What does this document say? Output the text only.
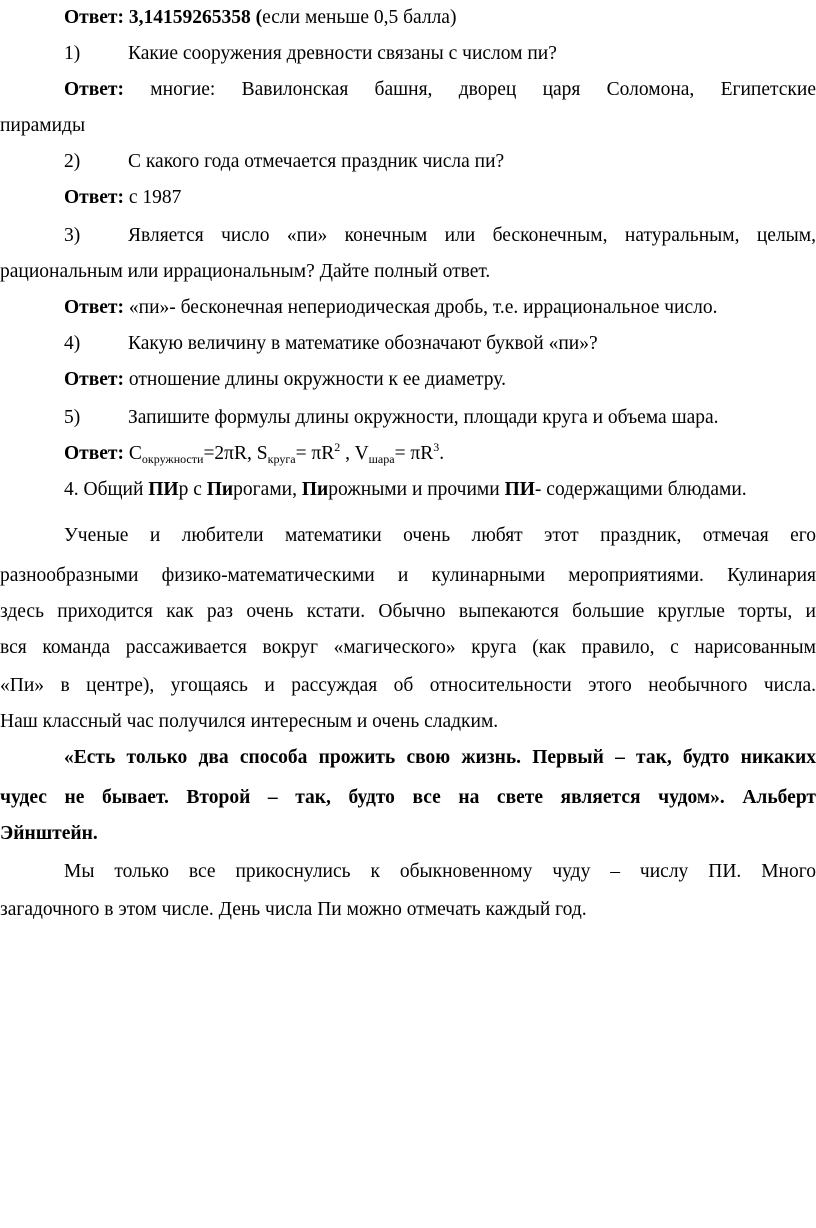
Ответ: 3,14159265358 (если меньше 0,5 балла)
1) Какие сооружения древности связаны с числом пи?
Ответ: многие: Вавилонская башня, дворец царя Соломона, Египетские
пирамиды
2) С какого года отмечается праздник числа пи?
Ответ: с 1987
3) Является число «пи» конечным или бесконечным, натуральным, целым,
рациональным или иррациональным? Дайте полный ответ.
Ответ: «пи»- бесконечная непериодическая дробь, т.е. иррациональное число.
4) Какую величину в математике обозначают буквой «пи»?
Ответ: отношение длины окружности к ее диаметру.
5) Запишите формулы длины окружности, площади круга и объема шара.
Ответ: $C_{окружности}=2\pi R$, $S_{круга}= \pi R^2$ , $V_{шара}= \pi R^3$.
4. Общий ПИр с Пирогами, Пирожными и прочими ПИ- содержащими блюдами.
Ученые и любители математики очень любят этот праздник, отмечая его
разнообразными физико-математическими и кулинарными мероприятиями. Кулинария
здесь приходится как раз очень кстати. Обычно выпекаются большие круглые торты, и
вся команда рассаживается вокруг «магического» круга (как правило, с нарисованным
«Пи» в центре), угощаясь и рассуждая об относительности этого необычного числа.
Наш классный час получился интересным и очень сладким.
«Есть только два способа прожить свою жизнь. Первый – так, будто никаких
чудес не бывает. Второй – так, будто все на свете является чудом». Альберт
Эйнштейн.
Мы только все прикоснулись к обыкновенному чуду – числу ПИ. Много
загадочного в этом числе. День числа Пи можно отмечать каждый год.
